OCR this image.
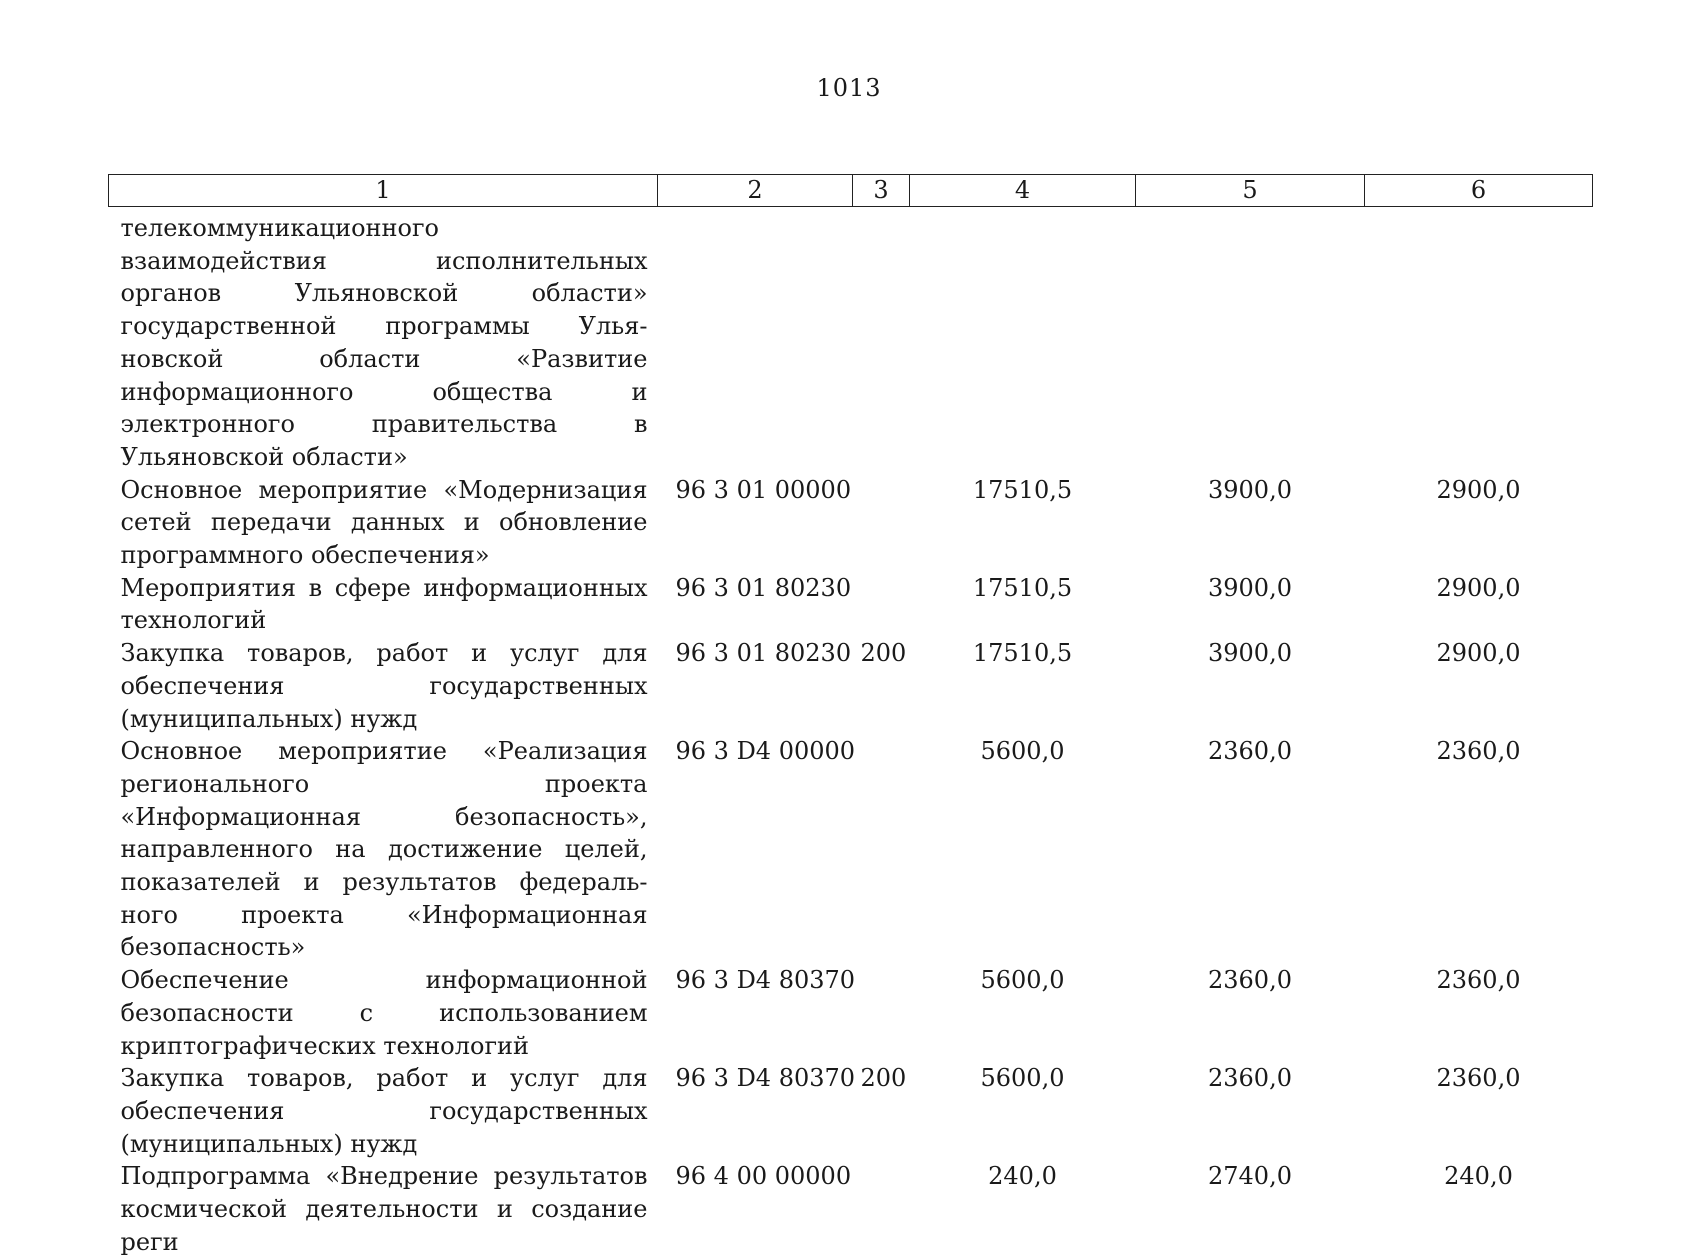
1013
1	2	3	4	5	6
телекоммуникационного взаимодействия исполнительных органов Ульяновской области» государственной программы Ульяновской области «Развитие информационного общества и электронного правительства в Ульяновской области»					
Основное мероприятие «Модернизация сетей передачи данных и обновление программного обеспечения»	96 3 01 00000		17510,5	3900,0	2900,0
Мероприятия в сфере информационных технологий	96 3 01 80230		17510,5	3900,0	2900,0
Закупка товаров, работ и услуг для обеспечения государственных (муниципальных) нужд	96 3 01 80230	200	17510,5	3900,0	2900,0
Основное мероприятие «Реализация регионального проекта «Информационная безопасность», направленного на достижение целей, показателей и результатов федерального проекта «Информационная безопасность»	96 3 D4 00000		5600,0	2360,0	2360,0
Обеспечение информационной безопасности с использованием криптографических технологий	96 3 D4 80370		5600,0	2360,0	2360,0
Закупка товаров, работ и услуг для обеспечения государственных (муниципальных) нужд	96 3 D4 80370	200	5600,0	2360,0	2360,0
Подпрограмма «Внедрение результатов космической деятельности и создание реги	96 4 00 00000		240,0	2740,0	240,0
